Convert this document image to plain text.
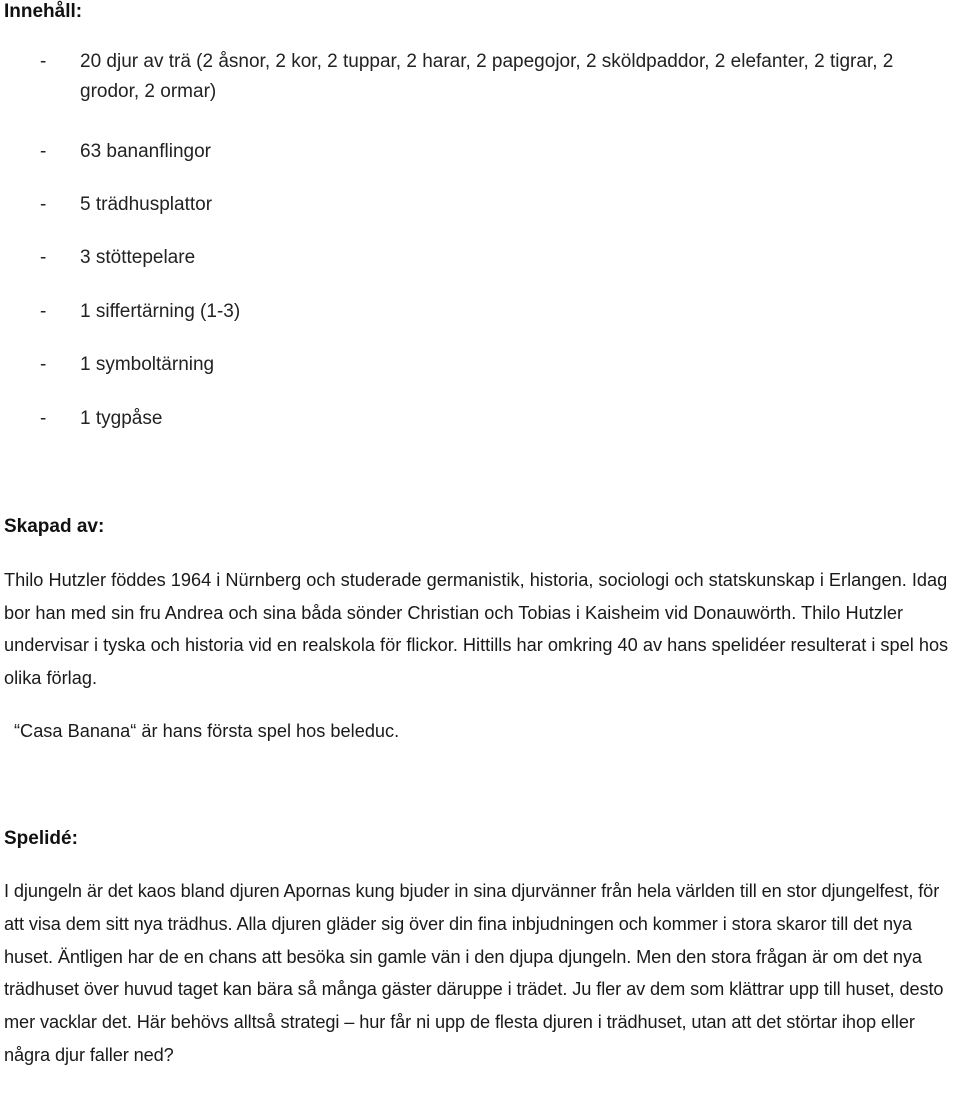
Innehåll:
- 20 djur av trä (2 åsnor, 2 kor, 2 tuppar, 2 harar, 2 papegojor, 2 sköldpaddor, 2 elefanter, 2 tigrar, 2 grodor, 2 ormar)
- 63 bananflingor
- 5 trädhusplattor
- 3 stöttepelare
- 1 siffertärning (1-3)
- 1 symboltärning
- 1 tygpåse
Skapad av:

Thilo Hutzler föddes 1964 i Nürnberg och studerade germanistik, historia, sociologi och statskunskap i Erlangen. Idag bor han med sin fru Andrea och sina båda sönder Christian och Tobias i Kaisheim vid Donauwörth. Thilo Hutzler undervisar i tyska och historia vid en realskola för flickor. Hittills har omkring 40 av hans spelidéer resulterat i spel hos olika förlag.

“Casa Banana“ är hans första spel hos beleduc.
Spelidé:

I djungeln är det kaos bland djuren Apornas kung bjuder in sina djurvänner från hela världen till en stor djungelfest, för att visa dem sitt nya trädhus. Alla djuren gläder sig över din fina inbjudningen och kommer i stora skaror till det nya huset. Äntligen har de en chans att besöka sin gamle vän i den djupa djungeln. Men den stora frågan är om det nya trädhuset över huvud taget kan bära så många gäster däruppe i trädet. Ju fler av dem som klättrar upp till huset, desto mer vacklar det. Här behövs alltså strategi – hur får ni upp de flesta djuren i trädhuset, utan att det störtar ihop eller några djur faller ned?
